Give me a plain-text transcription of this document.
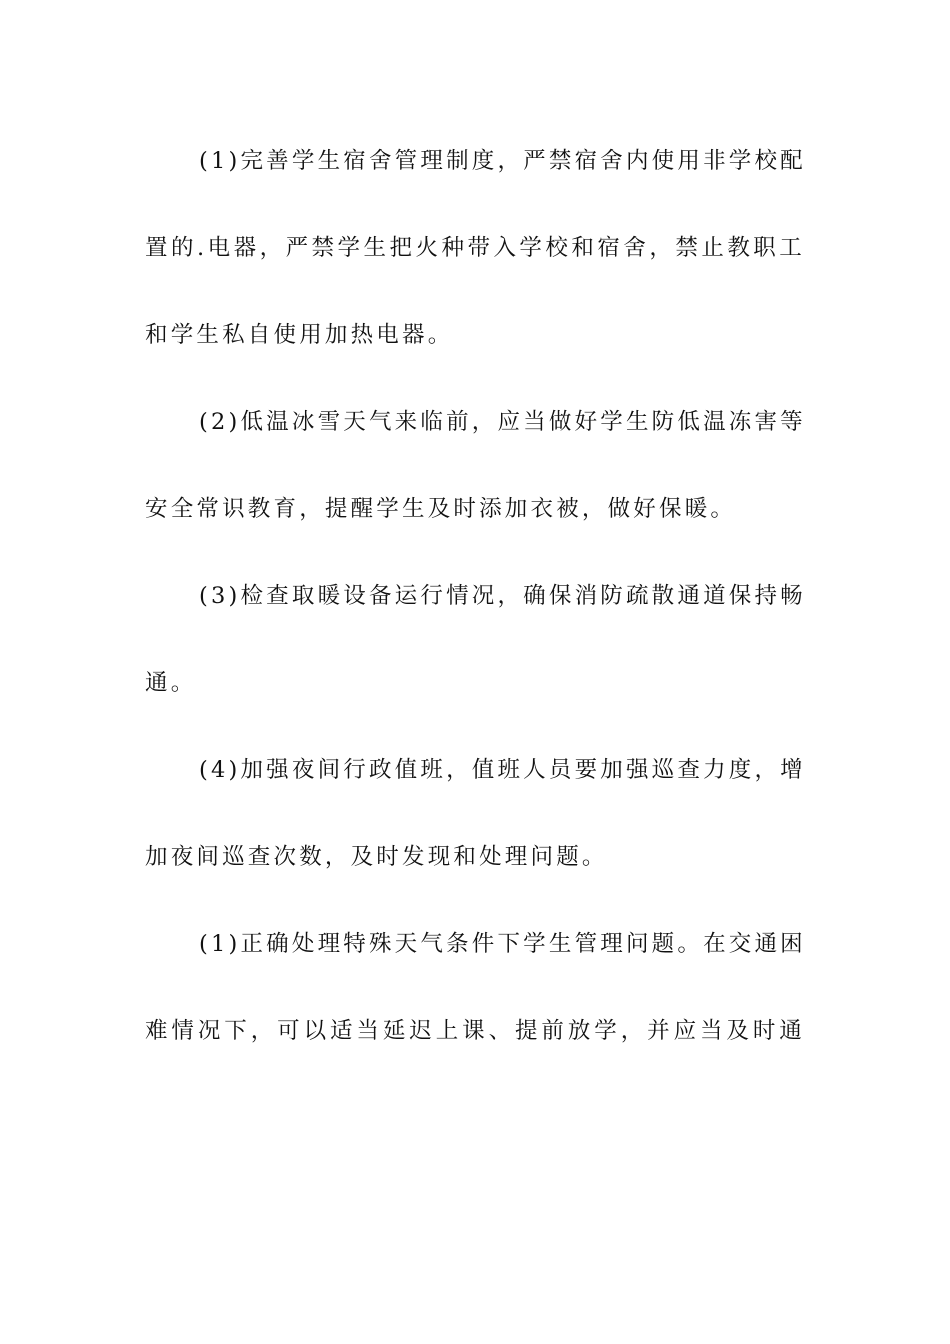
(1)完善学生宿舍管理制度，严禁宿舍内使用非学校配
置的.电器，严禁学生把火种带入学校和宿舍，禁止教职工
和学生私自使用加热电器。
(2)低温冰雪天气来临前，应当做好学生防低温冻害等
安全常识教育，提醒学生及时添加衣被，做好保暖。
(3)检查取暖设备运行情况，确保消防疏散通道保持畅
通。
(4)加强夜间行政值班，值班人员要加强巡查力度，增
加夜间巡查次数，及时发现和处理问题。
(1)正确处理特殊天气条件下学生管理问题。在交通困
难情况下，可以适当延迟上课、提前放学，并应当及时通
